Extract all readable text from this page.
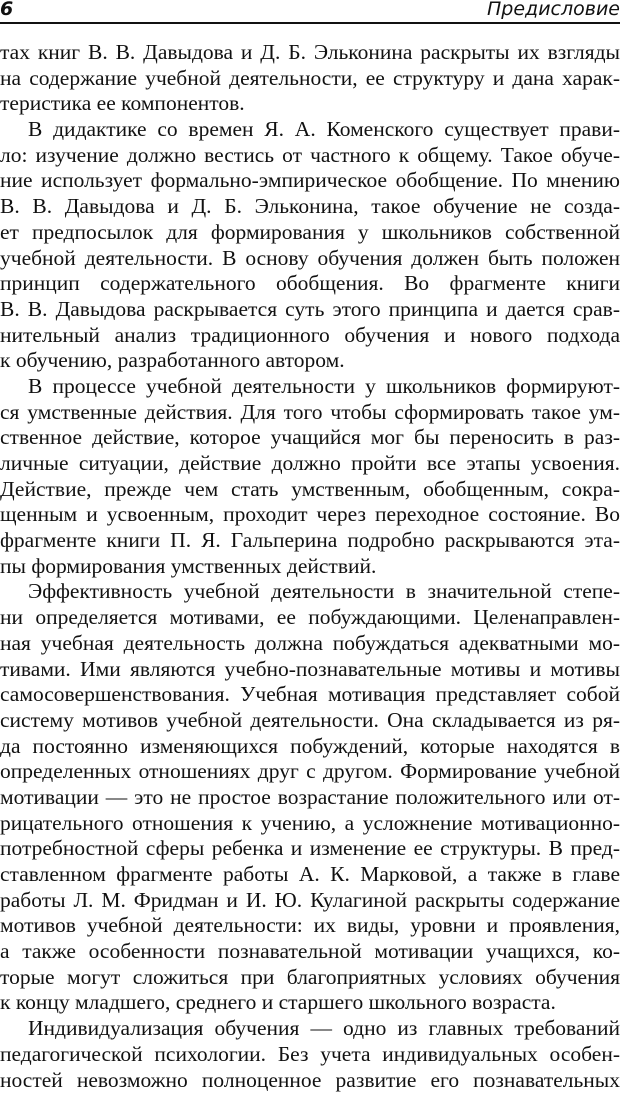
6	Предисловие
тах книг В. В. Давыдова и Д. Б. Эльконина раскрыты их взгляды
на содержание учебной деятельности, ее структуру и дана харак-
теристика ее компонентов.
В дидактике со времен Я. А. Коменского существует прави-
ло: изучение должно вестись от частного к общему. Такое обуче-
ние использует формально-эмпирическое обобщение. По мнению
В. В. Давыдова и Д. Б. Эльконина, такое обучение не созда-
ет предпосылок для формирования у школьников собственной
учебной деятельности. В основу обучения должен быть положен
принцип содержательного обобщения. Во фрагменте книги
В. В. Давыдова раскрывается суть этого принципа и дается срав-
нительный анализ традиционного обучения и нового подхода
к обучению, разработанного автором.
В процессе учебной деятельности у школьников формируют-
ся умственные действия. Для того чтобы сформировать такое ум-
ственное действие, которое учащийся мог бы переносить в раз-
личные ситуации, действие должно пройти все этапы усвоения.
Действие, прежде чем стать умственным, обобщенным, сокра-
щенным и усвоенным, проходит через переходное состояние. Во
фрагменте книги П. Я. Гальперина подробно раскрываются эта-
пы формирования умственных действий.
Эффективность учебной деятельности в значительной степе-
ни определяется мотивами, ее побуждающими. Целенаправлен-
ная учебная деятельность должна побуждаться адекватными мо-
тивами. Ими являются учебно-познавательные мотивы и мотивы
самосовершенствования. Учебная мотивация представляет собой
систему мотивов учебной деятельности. Она складывается из ря-
да постоянно изменяющихся побуждений, которые находятся в
определенных отношениях друг с другом. Формирование учебной
мотивации — это не простое возрастание положительного или от-
рицательного отношения к учению, а усложнение мотивационно-
потребностной сферы ребенка и изменение ее структуры. В пред-
ставленном фрагменте работы А. К. Марковой, а также в главе
работы Л. М. Фридман и И. Ю. Кулагиной раскрыты содержание
мотивов учебной деятельности: их виды, уровни и проявления,
а также особенности познавательной мотивации учащихся, ко-
торые могут сложиться при благоприятных условиях обучения
к концу младшего, среднего и старшего школьного возраста.
Индивидуализация обучения — одно из главных требований
педагогической психологии. Без учета индивидуальных особен-
ностей невозможно полноценное развитие его познавательных
